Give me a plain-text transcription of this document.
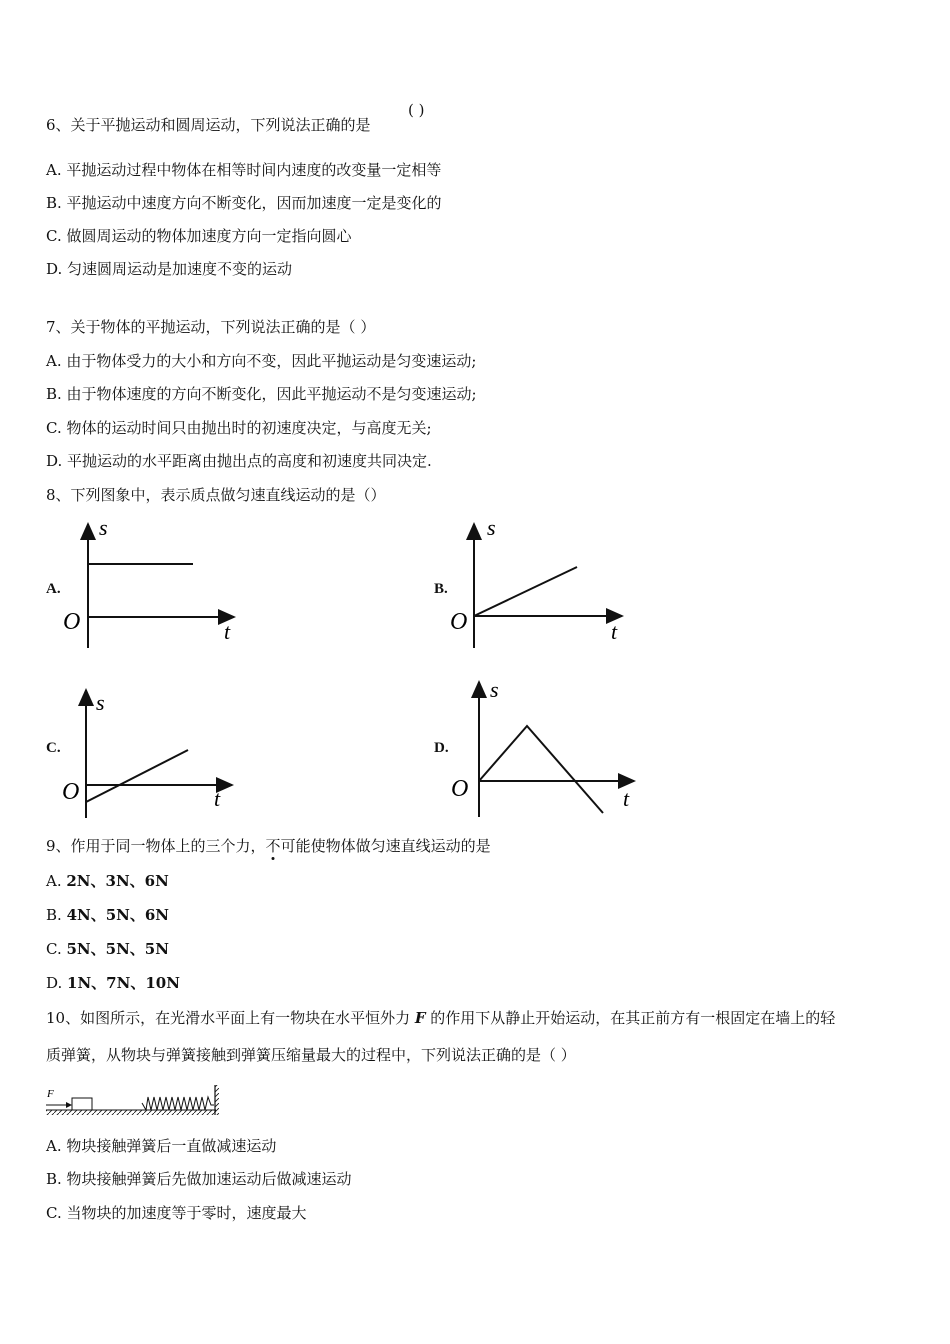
6、关于平抛运动和圆周运动，下列说法正确的是
( )
A. 平抛运动过程中物体在相等时间内速度的改变量一定相等
B. 平抛运动中速度方向不断变化，因而加速度一定是变化的
C. 做圆周运动的物体加速度方向一定指向圆心
D. 匀速圆周运动是加速度不变的运动
7、关于物体的平抛运动，下列说法正确的是（ ）
A. 由于物体受力的大小和方向不变，因此平抛运动是匀变速运动;
B. 由于物体速度的方向不断变化，因此平抛运动不是匀变速运动;
C. 物体的运动时间只由抛出时的初速度决定，与高度无关;
D. 平抛运动的水平距离由抛出点的高度和初速度共同决定.
8、下列图象中，表示质点做匀速直线运动的是（）
A.
s
t
O
B.
s
t
O
C.
s
t
O
D.
s
t
O
9、作用于同一物体上的三个力，不可能使物体做匀速直线运动的是
A. 2N、3N、6N
B. 4N、5N、6N
C. 5N、5N、5N
D. 1N、7N、10N
10、如图所示，在光滑水平面上有一物块在水平恒外力 F 的作用下从静止开始运动，在其正前方有一根固定在墙上的轻
质弹簧，从物块与弹簧接触到弹簧压缩量最大的过程中，下列说法正确的是（ ）
F
A. 物块接触弹簧后一直做减速运动
B. 物块接触弹簧后先做加速运动后做减速运动
C. 当物块的加速度等于零时，速度最大
